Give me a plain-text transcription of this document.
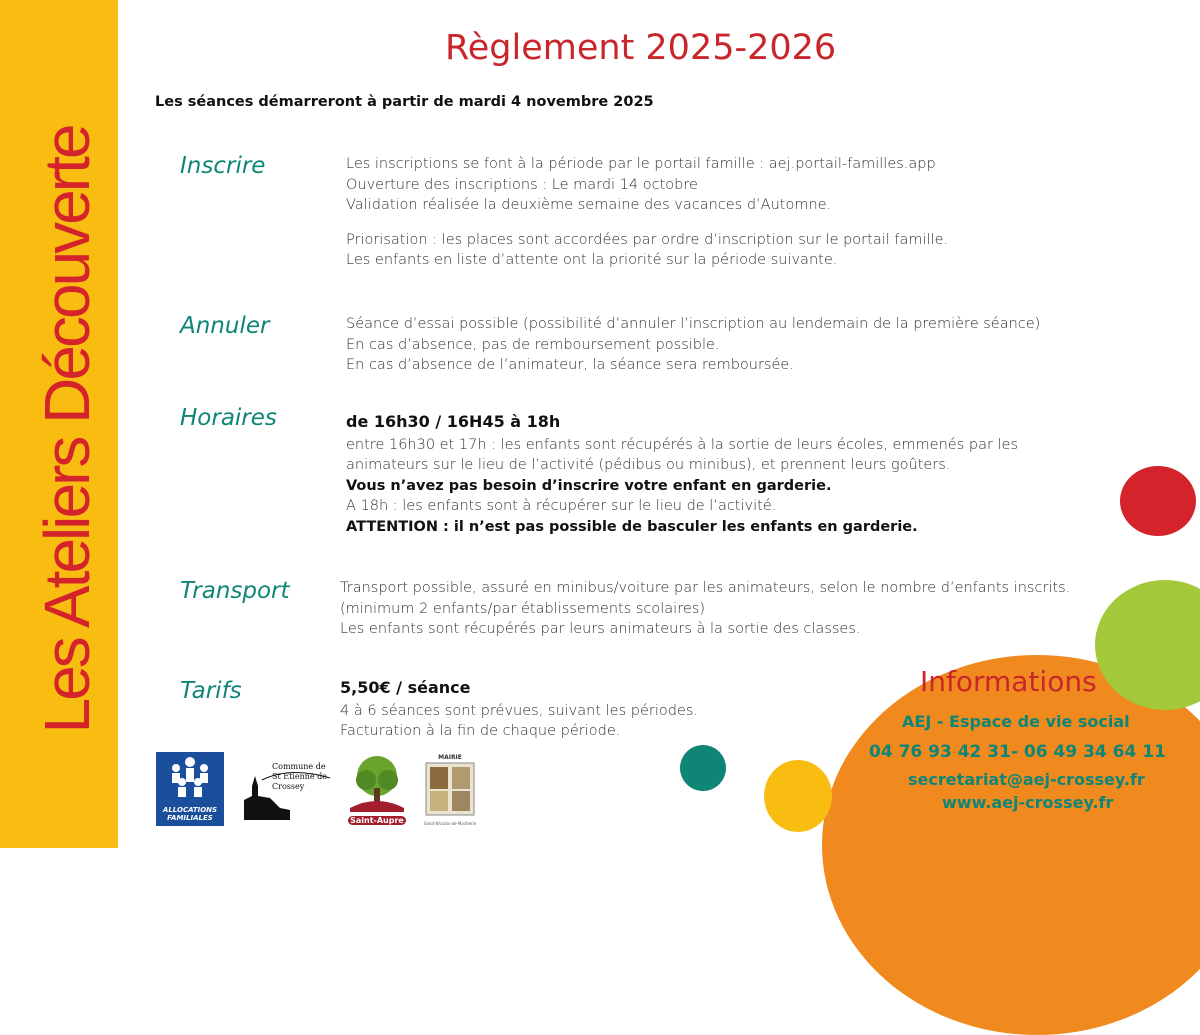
Les Ateliers Découverte
Règlement 2025-2026
Les séances démarreront à partir de mardi 4 novembre 2025
Inscrire	Les inscriptions se font à la période par le portail famille : aej.portail-familles.app
Ouverture des inscriptions : Le mardi 14 octobre
Validation réalisée la deuxième semaine des vacances d’Automne.
Priorisation : les places sont accordées par ordre d’inscription sur le portail famille.
Les enfants en liste d’attente ont la priorité sur la période suivante.
Annuler	Séance d’essai possible (possibilité d’annuler l’inscription au lendemain de la première séance)
En cas d’absence, pas de remboursement possible.
En cas d’absence de l’animateur, la séance sera remboursée.
Horaires	de 16h30 / 16H45 à 18h
entre 16h30 et 17h : les enfants sont récupérés à la sortie de leurs écoles, emmenés par les
animateurs sur le lieu de l’activité (pédibus ou minibus), et prennent leurs goûters.
Vous n’avez pas besoin d’inscrire votre enfant en garderie.
A 18h : les enfants sont à récupérer sur le lieu de l’activité.
ATTENTION : il n’est pas possible de basculer les enfants en garderie.
Transport	Transport possible, assuré en minibus/voiture par les animateurs, selon le nombre d’enfants inscrits.
(minimum 2 enfants/par établissements scolaires)
Les enfants sont récupérés par leurs animateurs à la sortie des classes.
Tarifs	5,50€ / séance
4 à 6 séances sont prévues, suivant les périodes.
Facturation à la fin de chaque période.
Informations
AEJ - Espace de vie social
04 76 93 42 31- 06 49 34 64 11
secretariat@aej-crossey.fr
www.aej-crossey.fr
ALLOCATIONS FAMILIALES
Commune de
St Etienne de Crossey
Saint-Aupre
MAIRIE
Saint-Nicolas-de-Macherin
